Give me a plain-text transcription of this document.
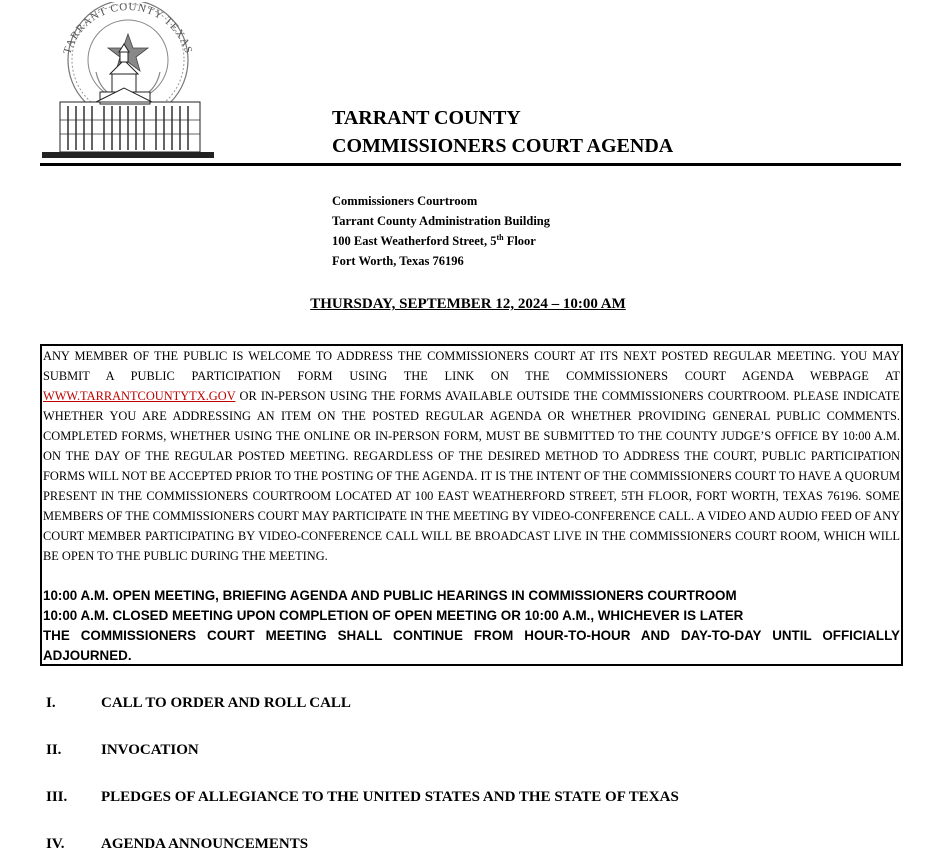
TARRANT COUNTY TEXAS
TARRANT COUNTY
COMMISSIONERS COURT AGENDA
Commissioners Courtroom
Tarrant County Administration Building
100 East Weatherford Street, 5th Floor
Fort Worth, Texas 76196
THURSDAY, SEPTEMBER 12, 2024 – 10:00 AM

ANY MEMBER OF THE PUBLIC IS WELCOME TO ADDRESS THE COMMISSIONERS COURT AT ITS NEXT POSTED REGULAR MEETING. YOU MAY SUBMIT A PUBLIC PARTICIPATION FORM USING THE LINK ON THE COMMISSIONERS COURT AGENDA WEBPAGE AT WWW.TARRANTCOUNTYTX.GOV OR IN-PERSON USING THE FORMS AVAILABLE OUTSIDE THE COMMISSIONERS COURTROOM. PLEASE INDICATE WHETHER YOU ARE ADDRESSING AN ITEM ON THE POSTED REGULAR AGENDA OR WHETHER PROVIDING GENERAL PUBLIC COMMENTS. COMPLETED FORMS, WHETHER USING THE ONLINE OR IN-PERSON FORM, MUST BE SUBMITTED TO THE COUNTY JUDGE’S OFFICE BY 10:00 A.M. ON THE DAY OF THE REGULAR POSTED MEETING. REGARDLESS OF THE DESIRED METHOD TO ADDRESS THE COURT, PUBLIC PARTICIPATION FORMS WILL NOT BE ACCEPTED PRIOR TO THE POSTING OF THE AGENDA. IT IS THE INTENT OF THE COMMISSIONERS COURT TO HAVE A QUORUM PRESENT IN THE COMMISSIONERS COURTROOM LOCATED AT 100 EAST WEATHERFORD STREET, 5TH FLOOR, FORT WORTH, TEXAS 76196. SOME MEMBERS OF THE COMMISSIONERS COURT MAY PARTICIPATE IN THE MEETING BY VIDEO-CONFERENCE CALL. A VIDEO AND AUDIO FEED OF ANY COURT MEMBER PARTICIPATING BY VIDEO-CONFERENCE CALL WILL BE BROADCAST LIVE IN THE COMMISSIONERS COURT ROOM, WHICH WILL BE OPEN TO THE PUBLIC DURING THE MEETING.

10:00 A.M. OPEN MEETING, BRIEFING AGENDA AND PUBLIC HEARINGS IN COMMISSIONERS COURTROOM
10:00 A.M. CLOSED MEETING UPON COMPLETION OF OPEN MEETING OR 10:00 A.M., WHICHEVER IS LATER
THE COMMISSIONERS COURT MEETING SHALL CONTINUE FROM HOUR-TO-HOUR AND DAY-TO-DAY UNTIL OFFICIALLY ADJOURNED.
I.	CALL TO ORDER AND ROLL CALL
II.	INVOCATION
III. PLEDGES OF ALLEGIANCE TO THE UNITED STATES AND THE STATE OF TEXAS
IV. AGENDA ANNOUNCEMENTS
